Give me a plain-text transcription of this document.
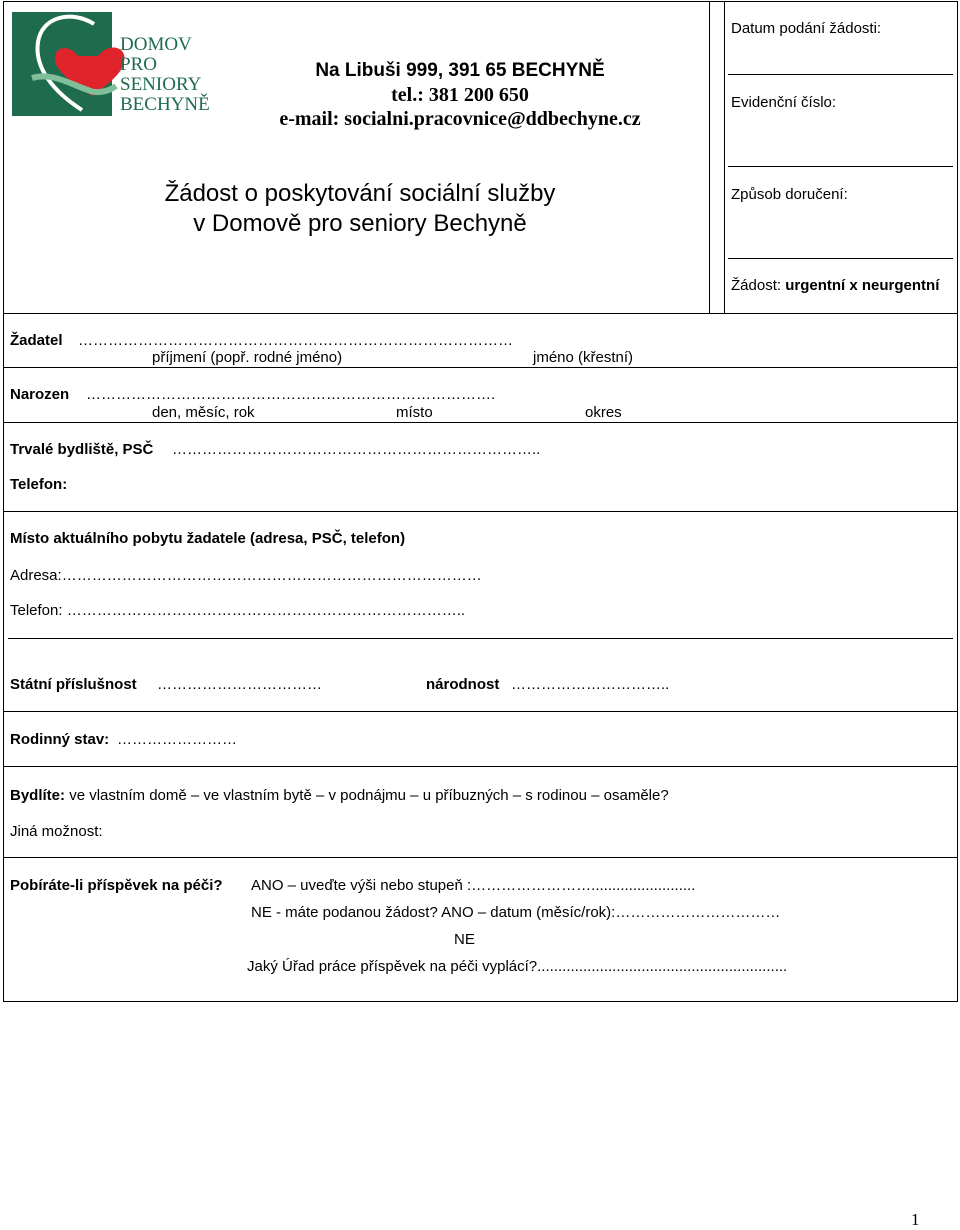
DOMOV
PRO
SENIORY
BECHYNĚ
Na Libuši 999, 391 65 BECHYNĚ
tel.: 381 200 650
e-mail: socialni.pracovnice@ddbechyne.cz
Žádost o poskytování sociální služby
v Domově pro seniory Bechyně
Datum podání žádosti:
Evidenční číslo:
Způsob doručení:
Žádost: urgentní x neurgentní
Žadatel ……………………………………………………………………………
příjmení (popř. rodné jméno)	jméno (křestní)
Narozen ……………………………………………………………………….
den, měsíc, rok	místo	okres
Trvalé bydliště, PSČ ………………………………………………………………..
Telefon:
Místo aktuálního pobytu žadatele (adresa, PSČ, telefon)
Adresa:…………………………………………………………………………
Telefon: ……………………………………………………………………..
Státní příslušnost ……………………………	národnost …………………………..
Rodinný stav: ……………………
Bydlíte: ve vlastním domě – ve vlastním bytě – v podnájmu – u příbuzných – s rodinou – osaměle?
Jiná možnost:
Pobíráte-li příspěvek na péči? ANO – uveďte výši nebo stupeň :…………………….........................
NE - máte podanou žádost? ANO – datum (měsíc/rok):……………………………
NE
Jaký Úřad práce příspěvek na péči vyplácí?............................................................
1
